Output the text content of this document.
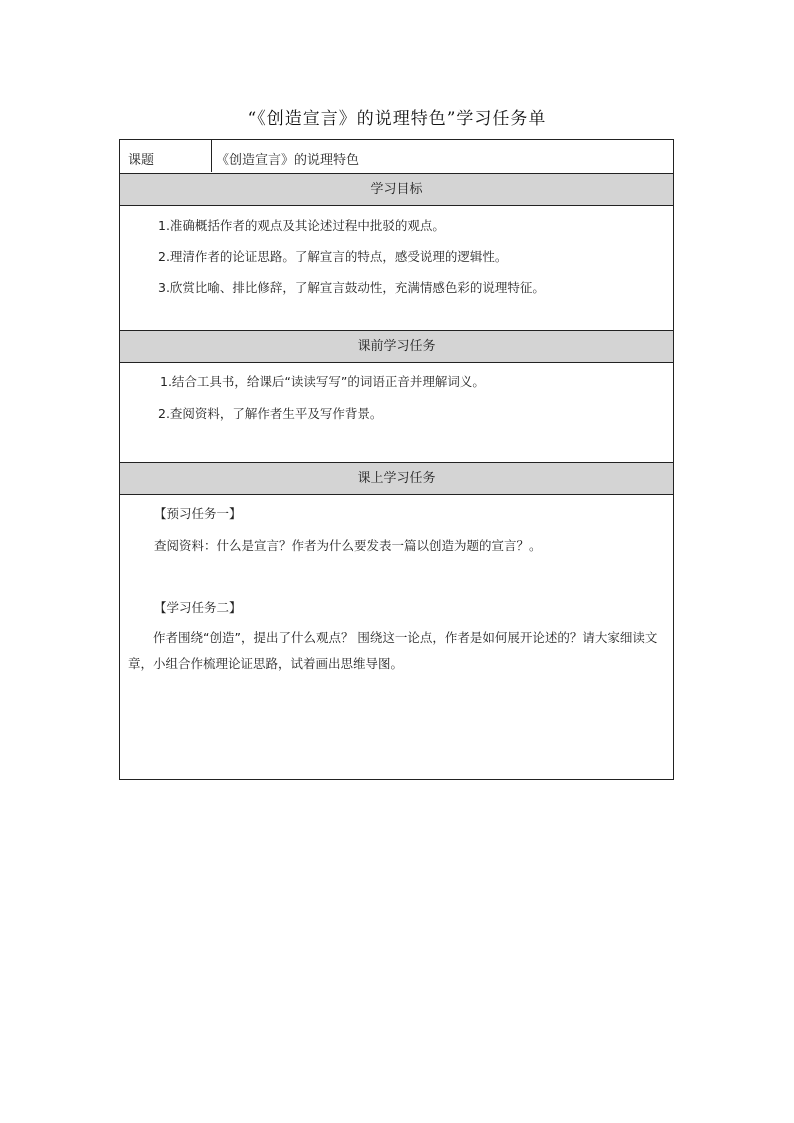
“《创造宣言》的说理特色”学习任务单
课题	《创造宣言》的说理特色
学习目标
1.准确概括作者的观点及其论述过程中批驳的观点。
2.理清作者的论证思路。了解宣言的特点，感受说理的逻辑性。
3.欣赏比喻、排比修辞，了解宣言鼓动性，充满情感色彩的说理特征。
课前学习任务
1.结合工具书，给课后“读读写写”的词语正音并理解词义。
2.查阅资料，了解作者生平及写作背景。
课上学习任务
【预习任务一】
查阅资料：什么是宣言？作者为什么要发表一篇以创造为题的宣言？。
【学习任务二】
作者围绕“创造”，提出了什么观点？ 围绕这一论点，作者是如何展开论述的？请大家细读文章，小组合作梳理论证思路，试着画出思维导图。
